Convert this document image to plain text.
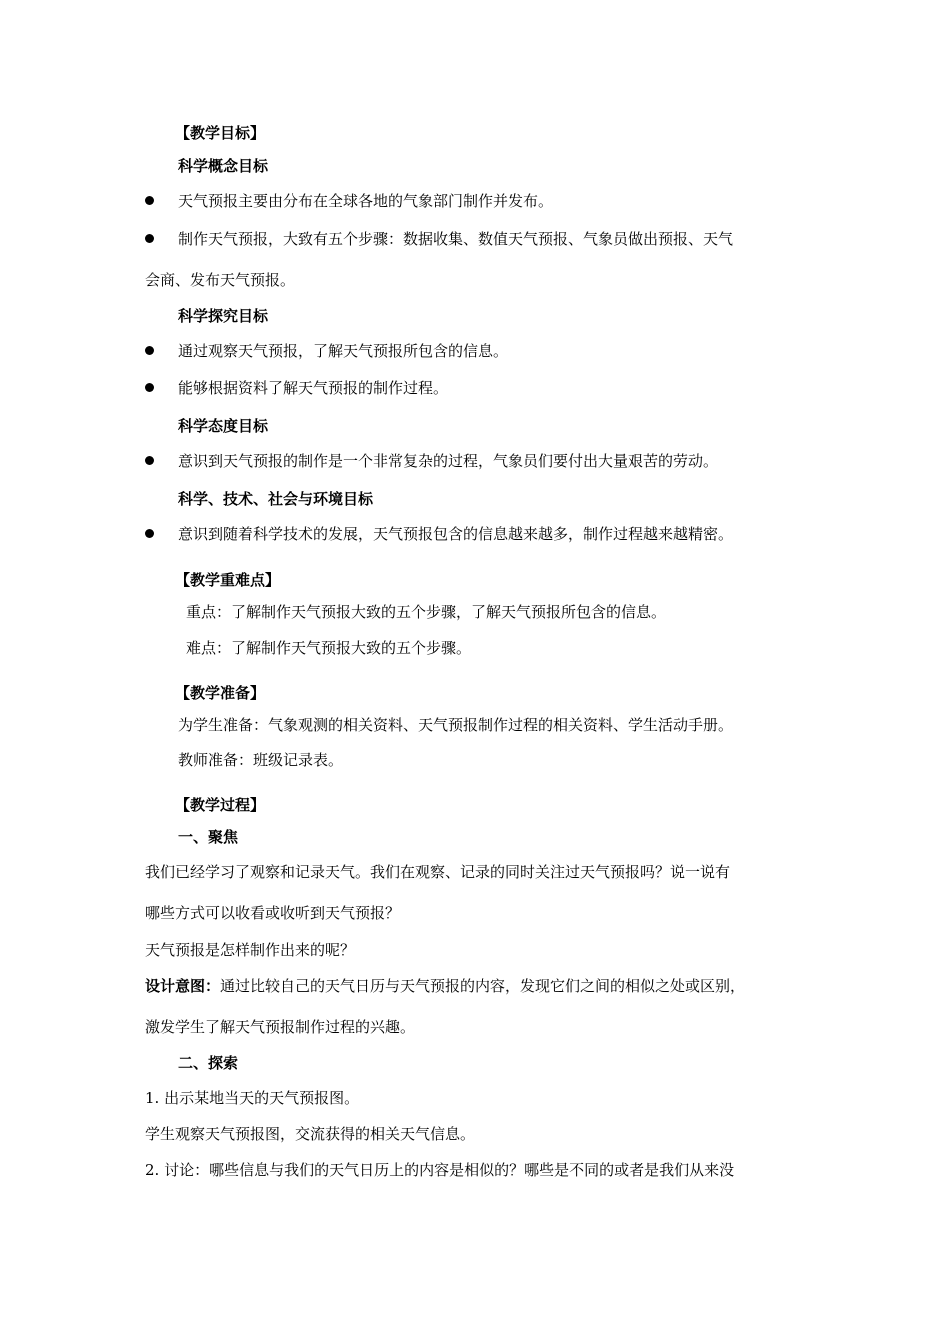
【教学目标】
科学概念目标
天气预报主要由分布在全球各地的气象部门制作并发布。
制作天气预报，大致有五个步骤：数据收集、数值天气预报、气象员做出预报、天气
会商、发布天气预报。
科学探究目标
通过观察天气预报，了解天气预报所包含的信息。
能够根据资料了解天气预报的制作过程。
科学态度目标
意识到天气预报的制作是一个非常复杂的过程，气象员们要付出大量艰苦的劳动。
科学、技术、社会与环境目标
意识到随着科学技术的发展，天气预报包含的信息越来越多，制作过程越来越精密。
【教学重难点】
重点：了解制作天气预报大致的五个步骤，了解天气预报所包含的信息。
难点：了解制作天气预报大致的五个步骤。
【教学准备】
为学生准备：气象观测的相关资料、天气预报制作过程的相关资料、学生活动手册。
教师准备：班级记录表。
【教学过程】
一、聚焦
我们已经学习了观察和记录天气。我们在观察、记录的同时关注过天气预报吗？说一说有
哪些方式可以收看或收听到天气预报？
天气预报是怎样制作出来的呢？
设计意图：通过比较自己的天气日历与天气预报的内容，发现它们之间的相似之处或区别，
激发学生了解天气预报制作过程的兴趣。
二、探索
1. 出示某地当天的天气预报图。
学生观察天气预报图，交流获得的相关天气信息。
2. 讨论：哪些信息与我们的天气日历上的内容是相似的？哪些是不同的或者是我们从来没
